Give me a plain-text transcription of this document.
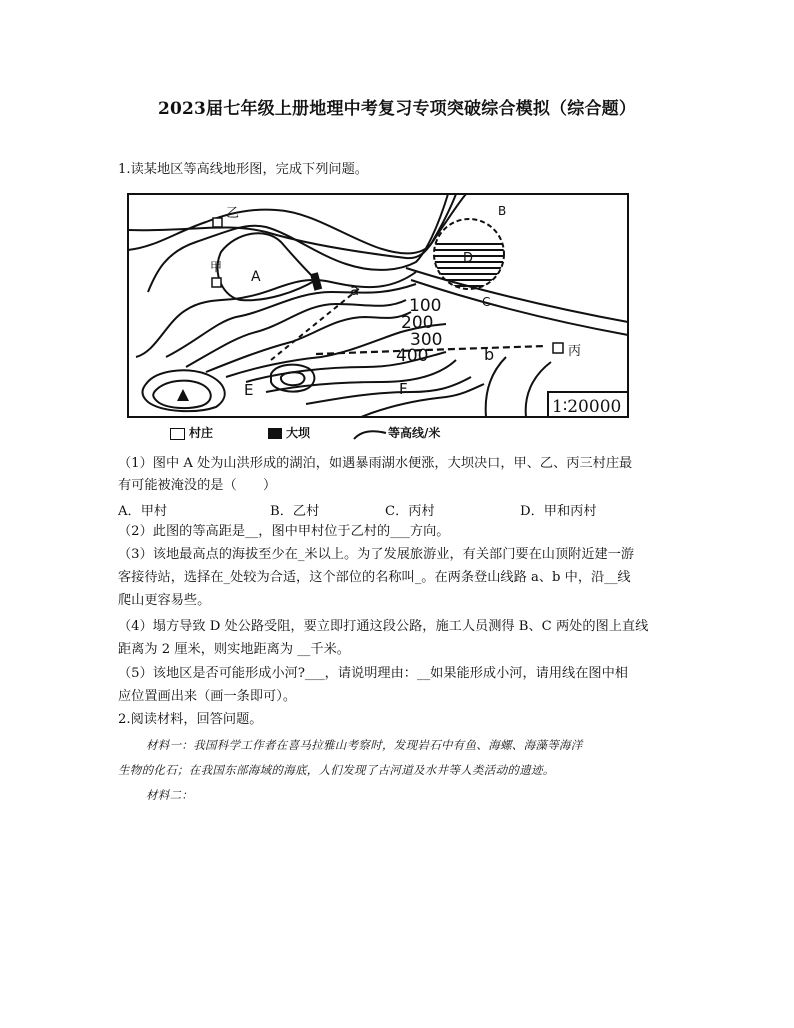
2023届七年级上册地理中考复习专项突破综合模拟（综合题）
1.读某地区等高线地形图，完成下列问题。
乙
甲
A
B
C
D
a
b	丙
E	F
100
200
300
400
1∶20000
村庄	大坝	等高线/米
（1）图中 A 处为山洪形成的湖泊，如遇暴雨湖水便涨，大坝决口，甲、乙、丙三村庄最
有可能被淹没的是（　　）
A．甲村	B．乙村	C．丙村	D．甲和丙村
（2）此图的等高距是__，图中甲村位于乙村的___方向。
（3）该地最高点的海拔至少在_米以上。为了发展旅游业，有关部门要在山顶附近建一游
客接待站，选择在_处较为合适，这个部位的名称叫_。在两条登山线路 a、b 中，沿__线
爬山更容易些。
（4）塌方导致 D 处公路受阻，要立即打通这段公路，施工人员测得 B、C 两处的图上直线
距离为 2 厘米，则实地距离为 __千米。
（5）该地区是否可能形成小河?___，请说明理由：__如果能形成小河，请用线在图中相
应位置画出来（画一条即可）。
2.阅读材料，回答问题。
材料一：我国科学工作者在喜马拉雅山考察时，发现岩石中有鱼、海螺、海藻等海洋
生物的化石；在我国东部海域的海底，人们发现了古河道及水井等人类活动的遗迹。
材料二：
